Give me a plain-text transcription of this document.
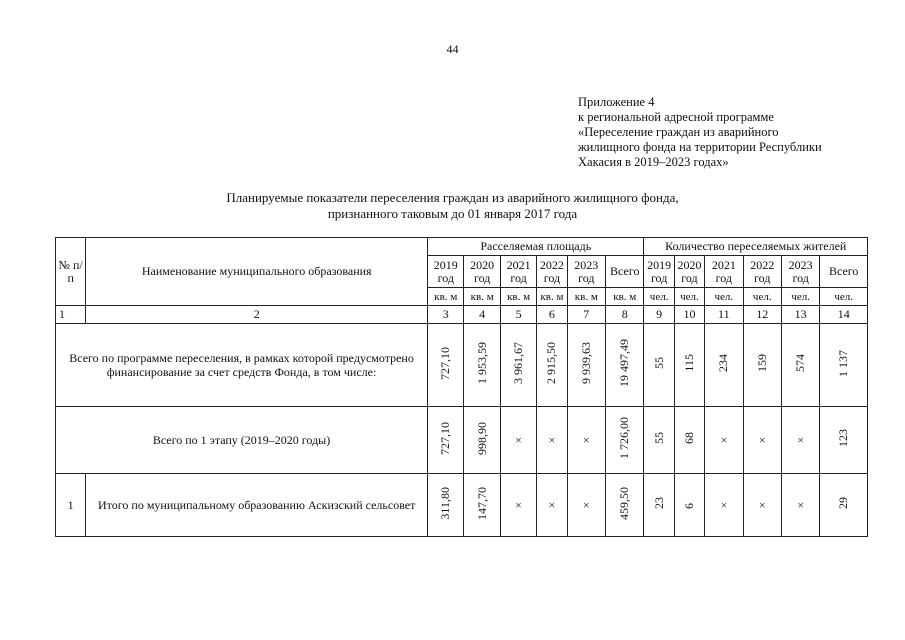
44
Приложение 4
к региональной адресной программе
«Переселение граждан из аварийного
жилищного фонда на территории Республики
Хакасия в 2019–2023 годах»
Планируемые показатели переселения граждан из аварийного жилищного фонда,
признанного таковым до 01 января 2017 года
№ п/п	Наименование муниципального образования	Расселяемая площадь						Количество переселяемых жителей					
		2019 год	2020 год	2021 год	2022 год	2023 год	Всего	2019 год	2020 год	2021 год	2022 год	2023 год	Всего
		кв. м	кв. м	кв. м	кв. м	кв. м	кв. м	чел.	чел.	чел.	чел.	чел.	чел.
1	2	3	4	5	6	7	8	9	10	11	12	13	14
Всего по программе переселения, в рамках которой предусмотрено финансирование за счет средств Фонда, в том числе:		727,10	1 953,59	3 961,67	2 915,50	9 939,63	19 497,49	55	115	234	159	574	1 137
Всего по 1 этапу (2019–2020 годы)		727,10	998,90	×	×	×	1 726,00	55	68	×	×	×	123
1	Итого по муниципальному образованию Аскизский сельсовет	311,80	147,70	×	×	×	459,50	23	6	×	×	×	29
